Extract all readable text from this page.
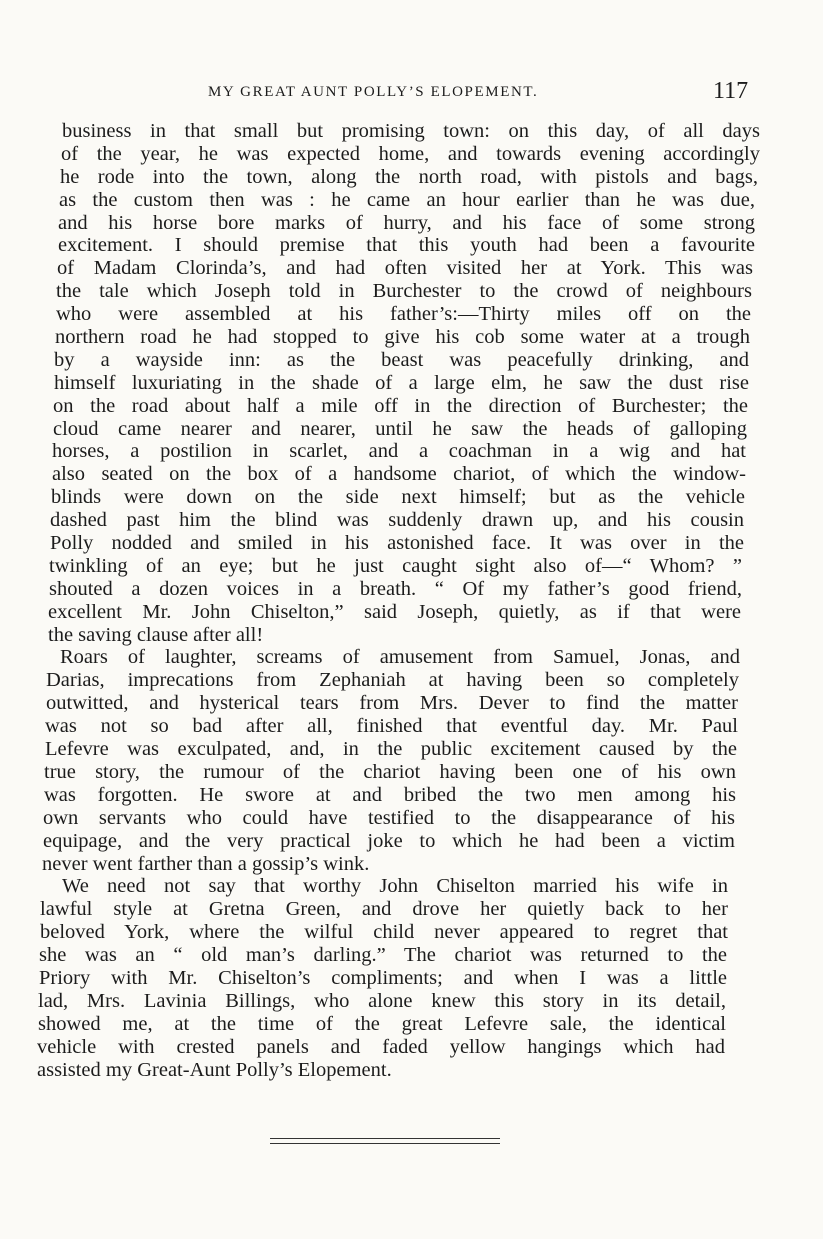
MY GREAT AUNT POLLY’S ELOPEMENT.	117
business in that small but promising town: on this day, of all days
of the year, he was expected home, and towards evening accordingly
he rode into the town, along the north road, with pistols and bags,
as the custom then was : he came an hour earlier than he was due,
and his horse bore marks of hurry, and his face of some strong
excitement. I should premise that this youth had been a favourite
of Madam Clorinda’s, and had often visited her at York. This was
the tale which Joseph told in Burchester to the crowd of neighbours
who were assembled at his father’s:—Thirty miles off on the
northern road he had stopped to give his cob some water at a trough
by a wayside inn: as the beast was peacefully drinking, and
himself luxuriating in the shade of a large elm, he saw the dust rise
on the road about half a mile off in the direction of Burchester; the
cloud came nearer and nearer, until he saw the heads of galloping
horses, a postilion in scarlet, and a coachman in a wig and hat
also seated on the box of a handsome chariot, of which the window-
blinds were down on the side next himself; but as the vehicle
dashed past him the blind was suddenly drawn up, and his cousin
Polly nodded and smiled in his astonished face. It was over in the
twinkling of an eye; but he just caught sight also of—“ Whom? ”
shouted a dozen voices in a breath. “ Of my father’s good friend,
excellent Mr. John Chiselton,” said Joseph, quietly, as if that were
the saving clause after all!
Roars of laughter, screams of amusement from Samuel, Jonas, and
Darias, imprecations from Zephaniah at having been so completely
outwitted, and hysterical tears from Mrs. Dever to find the matter
was not so bad after all, finished that eventful day. Mr. Paul
Lefevre was exculpated, and, in the public excitement caused by the
true story, the rumour of the chariot having been one of his own
was forgotten. He swore at and bribed the two men among his
own servants who could have testified to the disappearance of his
equipage, and the very practical joke to which he had been a victim
never went farther than a gossip’s wink.
We need not say that worthy John Chiselton married his wife in
lawful style at Gretna Green, and drove her quietly back to her
beloved York, where the wilful child never appeared to regret that
she was an “ old man’s darling.” The chariot was returned to the
Priory with Mr. Chiselton’s compliments; and when I was a little
lad, Mrs. Lavinia Billings, who alone knew this story in its detail,
showed me, at the time of the great Lefevre sale, the identical
vehicle with crested panels and faded yellow hangings which had
assisted my Great-Aunt Polly’s Elopement.
